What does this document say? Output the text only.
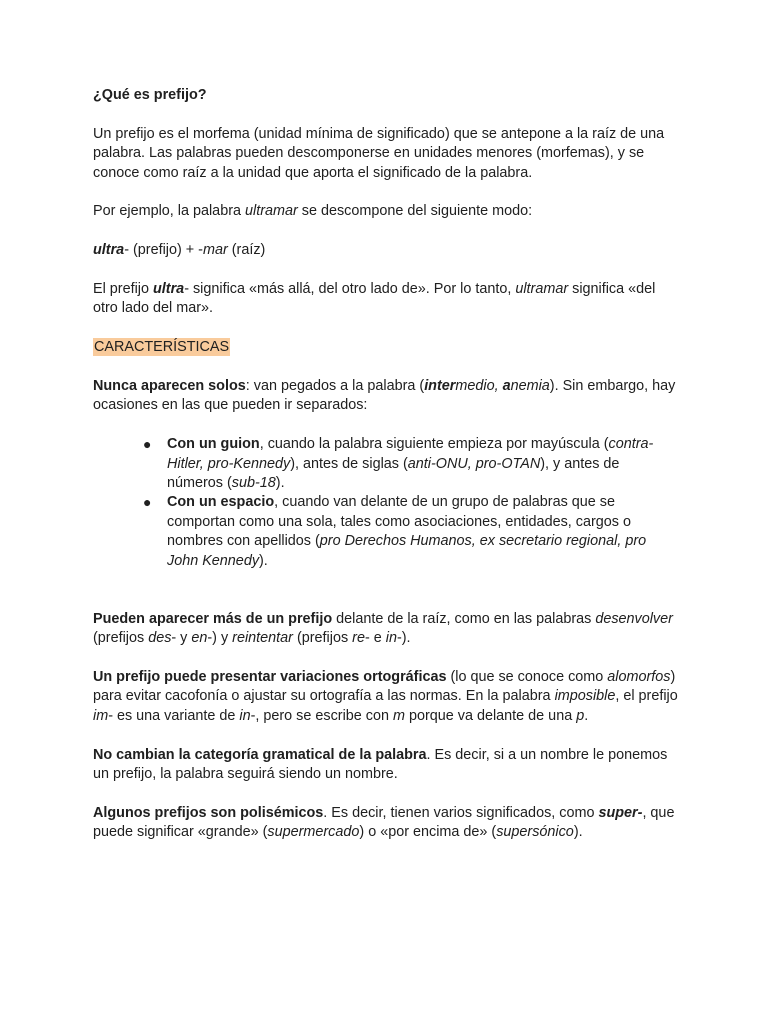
¿Qué es prefijo?

Un prefijo es el morfema (unidad mínima de significado) que se antepone a la raíz de una palabra. Las palabras pueden descomponerse en unidades menores (morfemas), y se conoce como raíz a la unidad que aporta el significado de la palabra.

Por ejemplo, la palabra ultramar se descompone del siguiente modo:

ultra- (prefijo) + -mar (raíz)

El prefijo ultra- significa «más allá, del otro lado de». Por lo tanto, ultramar significa «del otro lado del mar».

CARACTERÍSTICAS

Nunca aparecen solos: van pegados a la palabra (intermedio, anemia). Sin embargo, hay ocasiones en las que pueden ir separados:

● Con un guion, cuando la palabra siguiente empieza por mayúscula (contra-Hitler, pro-Kennedy), antes de siglas (anti-ONU, pro-OTAN), y antes de números (sub-18).
● Con un espacio, cuando van delante de un grupo de palabras que se comportan como una sola, tales como asociaciones, entidades, cargos o nombres con apellidos (pro Derechos Humanos, ex secretario regional, pro John Kennedy).

Pueden aparecer más de un prefijo delante de la raíz, como en las palabras desenvolver (prefijos des- y en-) y reintentar (prefijos re- e in-).

Un prefijo puede presentar variaciones ortográficas (lo que se conoce como alomorfos) para evitar cacofonía o ajustar su ortografía a las normas. En la palabra imposible, el prefijo im- es una variante de in-, pero se escribe con m porque va delante de una p.

No cambian la categoría gramatical de la palabra. Es decir, si a un nombre le ponemos un prefijo, la palabra seguirá siendo un nombre.

Algunos prefijos son polisémicos. Es decir, tienen varios significados, como super-, que puede significar «grande» (supermercado) o «por encima de» (supersónico).
